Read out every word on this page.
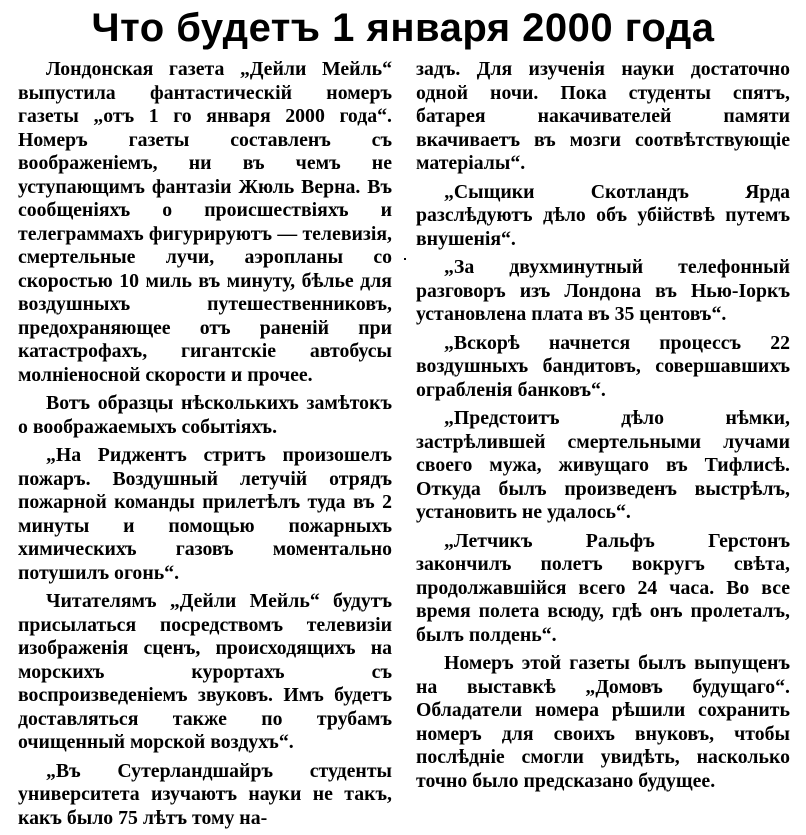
Что будетъ 1 января 2000 года

Лондонская газета „Дейли Мейль“ выпустила фантастическій номеръ газеты „отъ 1 го января 2000 года“. Номеръ газеты составленъ съ воображеніемъ, ни въ чемъ не уступающимъ фантазіи Жюль Верна. Въ сообщеніяхъ о происшествіяхъ и телеграммахъ фигурируютъ — телевизія, смертельные лучи, аэропланы со скоростью 10 миль въ минуту, бѣлье для воздушныхъ путешественниковъ, предохраняющее отъ раненій при катастрофахъ, гигантскіе автобусы молніеносной скорости и прочее.

Вотъ образцы нѣсколькихъ замѣтокъ о воображаемыхъ событіяхъ.

„На Риджентъ стритъ произошелъ пожаръ. Воздушный летучій отрядъ пожарной команды прилетѣлъ туда въ 2 минуты и помощью пожарныхъ химическихъ газовъ моментально потушилъ огонь“.

Читателямъ „Дейли Мейль“ будутъ присылаться посредствомъ телевизіи изображенія сценъ, происходящихъ на морскихъ курортахъ съ воспроизведеніемъ звуковъ. Имъ будетъ доставляться также по трубамъ очищенный морской воздухъ“.

„Въ Сутерландшайръ студенты университета изучаютъ науки не такъ, какъ было 75 лѣтъ тому на-

задъ. Для изученія науки достаточно одной ночи. Пока студенты спятъ, батарея накачивателей памяти вкачиваетъ въ мозги соотвѣтствующіе матеріалы“.

„Сыщики Скотландъ Ярда разслѣдуютъ дѣло объ убійствѣ путемъ внушенія“.

„За двухминутный телефонный разговоръ изъ Лондона въ Нью-Іоркъ установлена плата въ 35 центовъ“.

„Вскорѣ начнется процессъ 22 воздушныхъ бандитовъ, совершавшихъ ограбленія банковъ“.

„Предстоитъ дѣло нѣмки, застрѣлившей смертельными лучами своего мужа, живущаго въ Тифлисѣ. Откуда былъ произведенъ выстрѣлъ, установить не удалось“.

„Летчикъ Ральфъ Герстонъ закончилъ полетъ вокругъ свѣта, продолжавшійся всего 24 часа. Во все время полета всюду, гдѣ онъ пролеталъ, былъ полдень“.

Номеръ этой газеты былъ выпущенъ на выставкѣ „Домовъ будущаго“. Обладатели номера рѣшили сохранить номеръ для своихъ внуковъ, чтобы послѣдніе смогли увидѣть, насколько точно было предсказано будущее.
